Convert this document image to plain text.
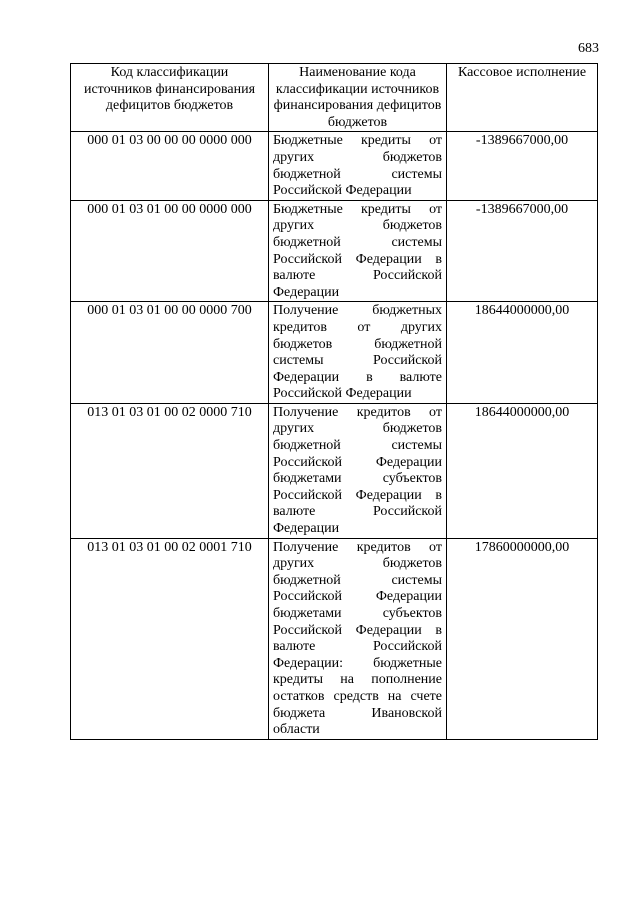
683
Код классификации источников финансирования дефицитов бюджетов	Наименование кода классификации источников финансирования дефицитов бюджетов	Кассовое исполнение
000 01 03 00 00 00 0000 000	Бюджетные кредиты от других бюджетов бюджетной системы Российской Федерации	-1389667000,00
000 01 03 01 00 00 0000 000	Бюджетные кредиты от других бюджетов бюджетной системы Российской Федерации в валюте Российской Федерации	-1389667000,00
000 01 03 01 00 00 0000 700	Получение бюджетных кредитов от других бюджетов бюджетной системы Российской Федерации в валюте Российской Федерации	18644000000,00
013 01 03 01 00 02 0000 710	Получение кредитов от других бюджетов бюджетной системы Российской Федерации бюджетами субъектов Российской Федерации в валюте Российской Федерации	18644000000,00
013 01 03 01 00 02 0001 710	Получение кредитов от других бюджетов бюджетной системы Российской Федерации бюджетами субъектов Российской Федерации в валюте Российской Федерации: бюджетные кредиты на пополнение остатков средств на счете бюджета Ивановской области	17860000000,00
